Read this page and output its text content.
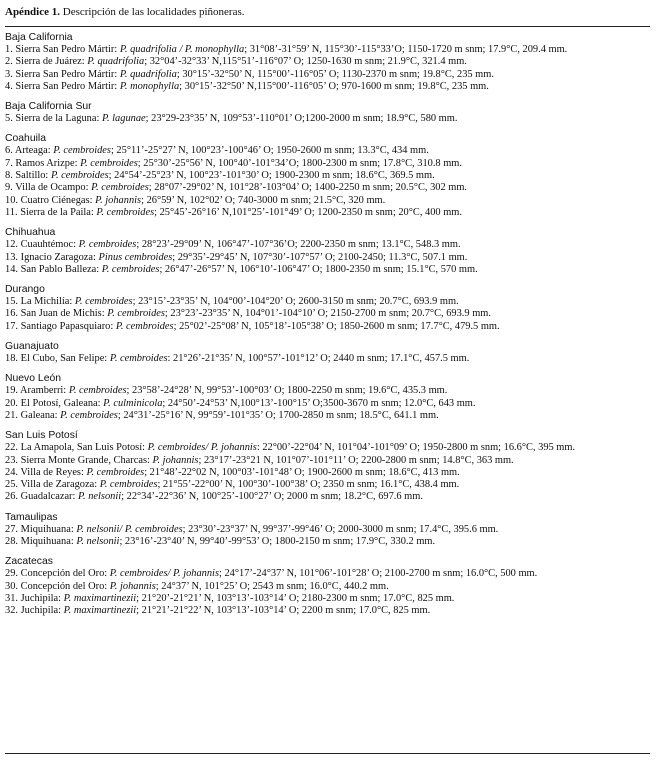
Apéndice 1. Descripción de las localidades piñoneras.
Baja California
1. Sierra San Pedro Mártir: P. quadrifolia / P. monophylla; 31°08’-31°59’ N, 115°30’-115°33’O; 1150-1720 m snm; 17.9°C, 209.4 mm.
2. Sierra de Juárez: P. quadrifolia; 32°04’-32°33’ N,115°51’-116°07’ O; 1250-1630 m snm; 21.9°C, 321.4 mm.
3. Sierra San Pedro Mártir: P. quadrifolia; 30°15’-32°50’ N, 115°00’-116°05’ O; 1130-2370 m snm; 19.8°C, 235 mm.
4. Sierra San Pedro Mártir: P. monophylla; 30°15’-32°50’ N,115°00’-116°05’ O; 970-1600 m snm; 19.8°C, 235 mm.
Baja California Sur
5. Sierra de la Laguna: P. lagunae; 23°29-23°35’ N, 109°53’-110°01’ O;1200-2000 m snm; 18.9°C, 580 mm.
Coahuila
6. Arteaga: P. cembroides; 25°11’-25°27’ N, 100°23’-100°46’ O; 1950-2600 m snm; 13.3°C, 434 mm.
7. Ramos Arizpe: P. cembroides; 25°30’-25°56’ N, 100°40’-101°34’O; 1800-2300 m snm; 17.8°C, 310.8 mm.
8. Saltillo: P. cembroides; 24°54’-25°23’ N, 100°23’-101°30’ O; 1900-2300 m snm; 18.6°C, 369.5 mm.
9. Villa de Ocampo: P. cembroides; 28°07’-29°02’ N, 101°28’-103°04’ O; 1400-2250 m snm; 20.5°C, 302 mm.
10. Cuatro Ciénegas: P. johannis; 26°59’ N, 102°02’ O; 740-3000 m snm; 21.5°C, 320 mm.
11. Sierra de la Paila: P. cembroides; 25°45’-26°16’ N,101°25’-101°49’ O; 1200-2350 m snm; 20°C, 400 mm.
Chihuahua
12. Cuauhtémoc: P. cembroides; 28°23’-29°09’ N, 106°47’-107°36’O; 2200-2350 m snm; 13.1°C, 548.3 mm.
13. Ignacio Zaragoza: Pinus cembroides; 29°35’-29°45’ N, 107°30’-107°57’ O; 2100-2450; 11.3°C, 507.1 mm.
14. San Pablo Balleza: P. cembroides; 26°47’-26°57’ N, 106°10’-106°47’ O; 1800-2350 m snm; 15.1°C, 570 mm.
Durango
15. La Michilía: P. cembroides; 23°15’-23°35’ N, 104°00’-104°20’ O; 2600-3150 m snm; 20.7°C, 693.9 mm.
16. San Juan de Michis: P. cembroides; 23°23’-23°35’ N, 104°01’-104°10’ O; 2150-2700 m snm; 20.7°C, 693.9 mm.
17. Santiago Papasquiaro: P. cembroides; 25°02’-25°08’ N, 105°18’-105°38’ O; 1850-2600 m snm; 17.7°C, 479.5 mm.
Guanajuato
18. El Cubo, San Felipe: P. cembroides: 21°26’-21°35’ N, 100°57’-101°12’ O; 2440 m snm; 17.1°C, 457.5 mm.
Nuevo León
19. Aramberri: P. cembroides; 23°58’-24°28’ N, 99°53’-100°03’ O; 1800-2250 m snm; 19.6°C, 435.3 mm.
20. El Potosí, Galeana: P. culminicola; 24°50’-24°53’ N,100°13’-100°15’ O;3500-3670 m snm; 12.0°C, 643 mm.
21. Galeana: P. cembroides; 24°31’-25°16’ N, 99°59’-101°35’ O; 1700-2850 m snm; 18.5°C, 641.1 mm.
San Luis Potosí
22. La Amapola, San Luis Potosí: P. cembroides/ P. johannis: 22°00’-22°04’ N, 101°04’-101°09’ O; 1950-2800 m snm; 16.6°C, 395 mm.
23. Sierra Monte Grande, Charcas: P. johannis; 23°17’-23°21 N, 101°07’-101°11’ O; 2200-2800 m snm; 14.8°C, 363 mm.
24. Villa de Reyes: P. cembroides; 21°48’-22°02 N, 100°03’-101°48’ O; 1900-2600 m snm; 18.6°C, 413 mm.
25. Villa de Zaragoza: P. cembroides; 21°55’-22°00’ N, 100°30’-100°38’ O; 2350 m snm; 16.1°C, 438.4 mm.
26. Guadalcazar: P. nelsonii; 22°34’-22°36’ N, 100°25’-100°27’ O; 2000 m snm; 18.2°C, 697.6 mm.
Tamaulipas
27. Miquihuana: P. nelsonii/ P. cembroides; 23°30’-23°37’ N, 99°37’-99°46’ O; 2000-3000 m snm; 17.4°C, 395.6 mm.
28. Miquihuana: P. nelsonii; 23°16’-23°40’ N, 99°40’-99°53’ O; 1800-2150 m snm; 17.9°C, 330.2 mm.
Zacatecas
29. Concepción del Oro: P. cembroides/ P. johannis; 24°17’-24°37’ N, 101°06’-101°28’ O; 2100-2700 m snm; 16.0°C, 500 mm.
30. Concepción del Oro: P. johannis; 24°37’ N, 101°25’ O; 2543 m snm; 16.0°C, 440.2 mm.
31. Juchipila: P. maximartinezii; 21°20’-21°21’ N, 103°13’-103°14’ O; 2180-2300 m snm; 17.0°C, 825 mm.
32. Juchipila: P. maximartinezii; 21°21’-21°22’ N, 103°13’-103°14’ O; 2200 m snm; 17.0°C, 825 mm.
